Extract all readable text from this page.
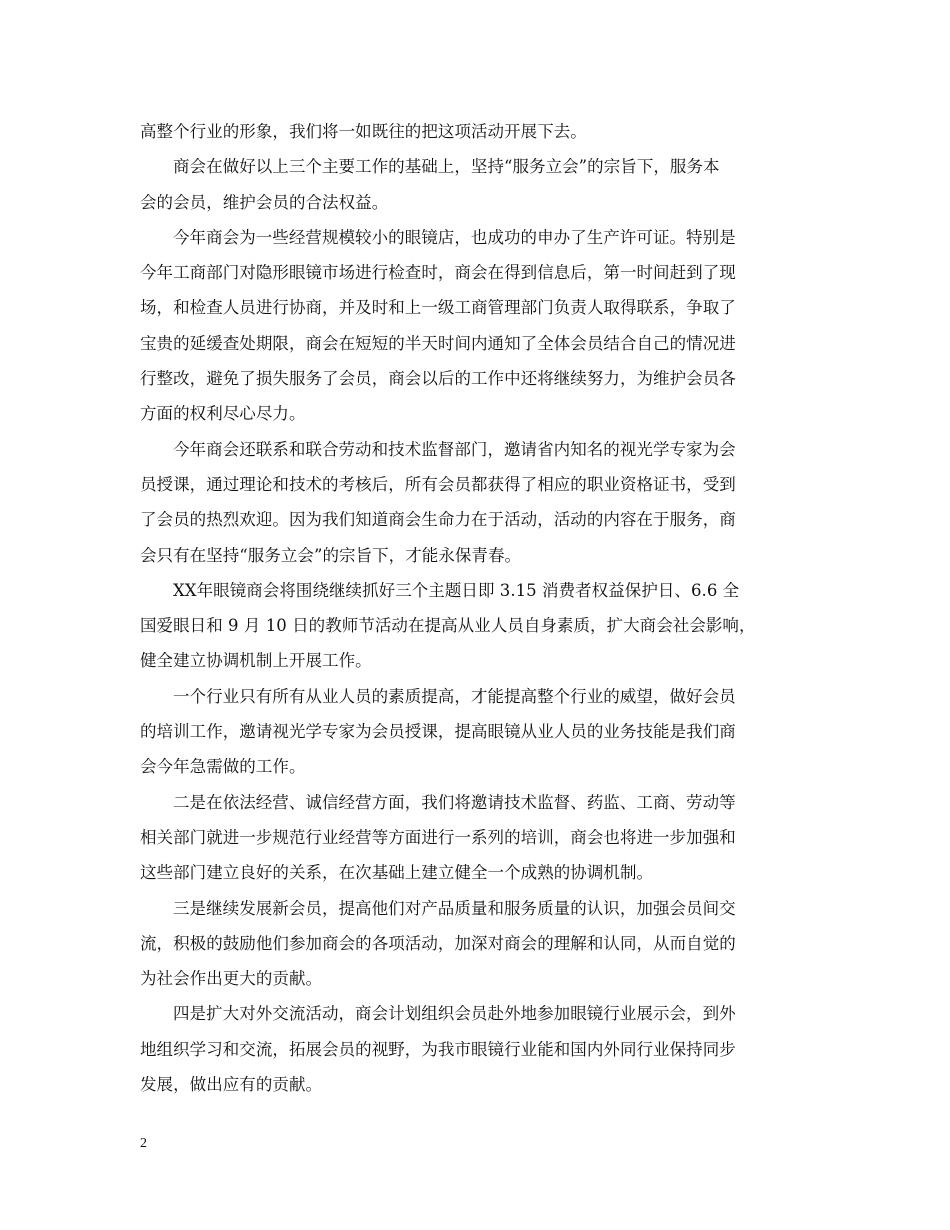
高整个行业的形象，我们将一如既往的把这项活动开展下去。

商会在做好以上三个主要工作的基础上，坚持“服务立会”的宗旨下，服务本

会的会员，维护会员的合法权益。

今年商会为一些经营规模较小的眼镜店，也成功的申办了生产许可证。特别是

今年工商部门对隐形眼镜市场进行检查时，商会在得到信息后，第一时间赶到了现

场，和检查人员进行协商，并及时和上一级工商管理部门负责人取得联系，争取了

宝贵的延缓查处期限，商会在短短的半天时间内通知了全体会员结合自己的情况进

行整改，避免了损失服务了会员，商会以后的工作中还将继续努力，为维护会员各

方面的权利尽心尽力。

今年商会还联系和联合劳动和技术监督部门，邀请省内知名的视光学专家为会

员授课，通过理论和技术的考核后，所有会员都获得了相应的职业资格证书，受到

了会员的热烈欢迎。因为我们知道商会生命力在于活动，活动的内容在于服务，商

会只有在坚持“服务立会”的宗旨下，才能永保青春。

XX年眼镜商会将围绕继续抓好三个主题日即 3.15 消费者权益保护日、6.6 全

国爱眼日和 9 月 10 日的教师节活动在提高从业人员自身素质，扩大商会社会影响，

健全建立协调机制上开展工作。

一个行业只有所有从业人员的素质提高，才能提高整个行业的威望，做好会员

的培训工作，邀请视光学专家为会员授课，提高眼镜从业人员的业务技能是我们商

会今年急需做的工作。

二是在依法经营、诚信经营方面，我们将邀请技术监督、药监、工商、劳动等

相关部门就进一步规范行业经营等方面进行一系列的培训，商会也将进一步加强和

这些部门建立良好的关系，在次基础上建立健全一个成熟的协调机制。

三是继续发展新会员，提高他们对产品质量和服务质量的认识，加强会员间交

流，积极的鼓励他们参加商会的各项活动，加深对商会的理解和认同，从而自觉的

为社会作出更大的贡献。

四是扩大对外交流活动，商会计划组织会员赴外地参加眼镜行业展示会，到外

地组织学习和交流，拓展会员的视野，为我市眼镜行业能和国内外同行业保持同步

发展，做出应有的贡献。

2
